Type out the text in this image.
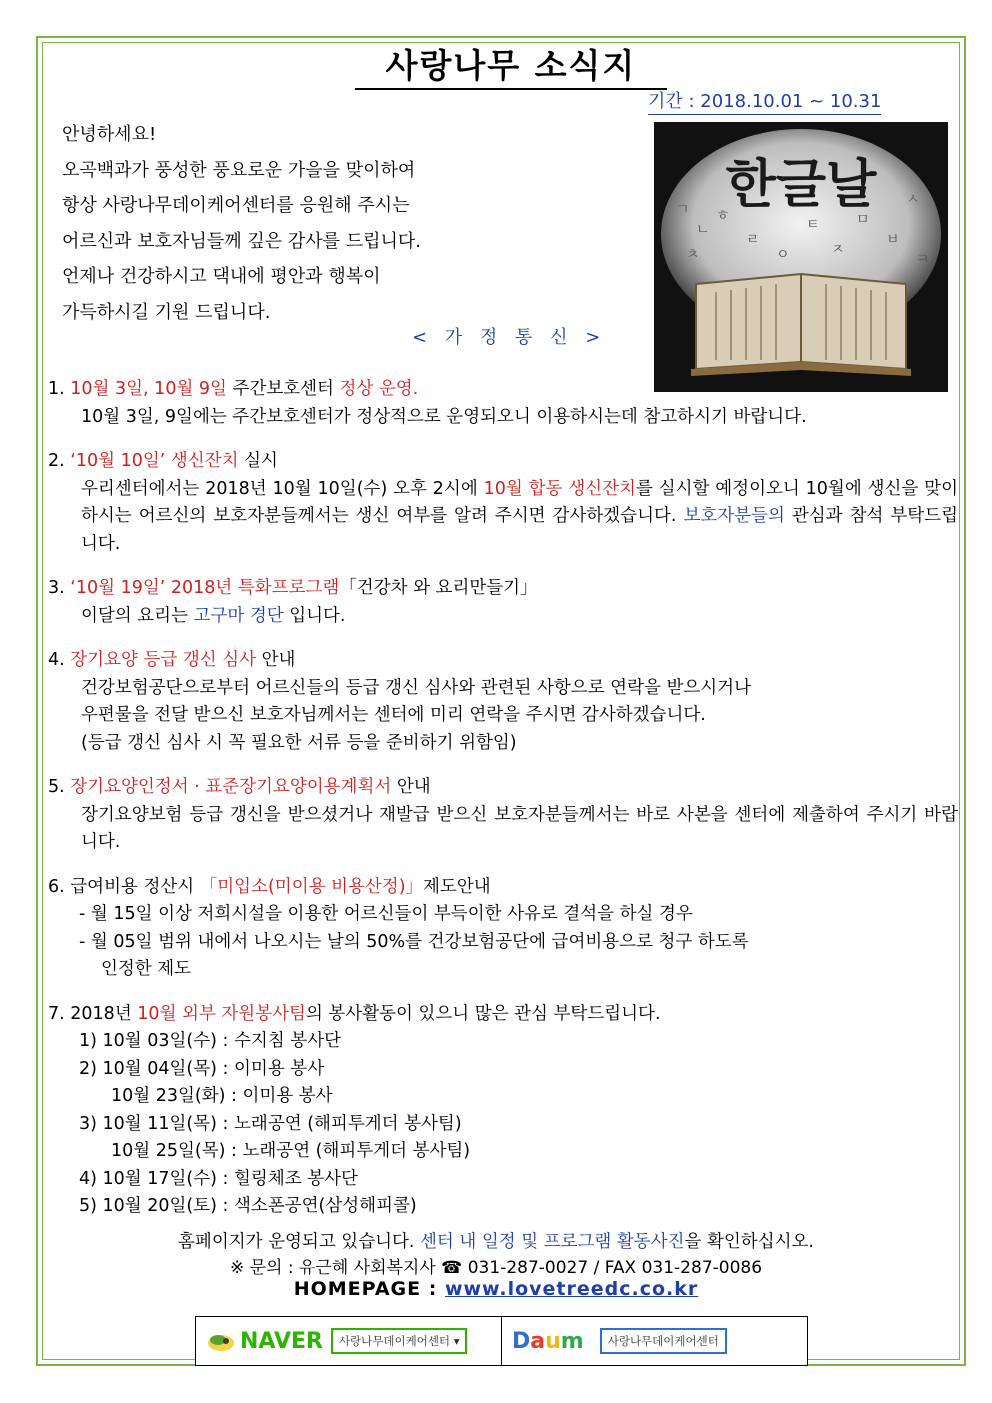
사랑나무 소식지
기간 : 2018.10.01 ~ 10.31
안녕하세요!
오곡백과가 풍성한 풍요로운 가을을 맞이하여
항상 사랑나무데이케어센터를 응원해 주시는
어르신과 보호자님들께 깊은 감사를 드립니다.
언제나 건강하시고 댁내에 평안과 행복이
가득하시길 기원 드립니다.
< 가 정 통 신 >
ㄱ
ㄴ
ㅎ
ㄹ
ㅁ
ㅂ
ㅅ
ㅇ	ㅈ
ㅊ	ㅋ
ㅌ
한글날
1. 10월 3일, 10월 9일 주간보호센터 정상 운영.
10월 3일, 9일에는 주간보호센터가 정상적으로 운영되오니 이용하시는데 참고하시기 바랍니다.
2. ‘10월 10일’ 생신잔치 실시
우리센터에서는 2018년 10월 10일(수) 오후 2시에 10월 합동 생신잔치를 실시할 예정이오니 10월에 생신을 맞이하시는 어르신의 보호자분들께서는 생신 여부를 알려 주시면 감사하겠습니다. 보호자분들의 관심과 참석 부탁드립니다.
3. ‘10월 19일’ 2018년 특화프로그램「건강차 와 요리만들기」
이달의 요리는 고구마 경단 입니다.
4. 장기요양 등급 갱신 심사 안내
건강보험공단으로부터 어르신들의 등급 갱신 심사와 관련된 사항으로 연락을 받으시거나
우편물을 전달 받으신 보호자님께서는 센터에 미리 연락을 주시면 감사하겠습니다.
(등급 갱신 심사 시 꼭 필요한 서류 등을 준비하기 위함임)
5. 장기요양인정서 · 표준장기요양이용계획서 안내
장기요양보험 등급 갱신을 받으셨거나 재발급 받으신 보호자분들께서는 바로 사본을 센터에 제출하여 주시기 바랍니다.
6. 급여비용 정산시 「미입소(미이용 비용산정)」제도안내
- 월 15일 이상 저희시설을 이용한 어르신들이 부득이한 사유로 결석을 하실 경우
- 월 05일 범위 내에서 나오시는 날의 50%를 건강보험공단에 급여비용으로 청구 하도록
인정한 제도
7. 2018년 10월 외부 자원봉사팀의 봉사활동이 있으니 많은 관심 부탁드립니다.
1) 10월 03일(수) : 수지침 봉사단
2) 10월 04일(목) : 이미용 봉사
10월 23일(화) : 이미용 봉사
3) 10월 11일(목) : 노래공연 (해피투게더 봉사팀)
10월 25일(목) : 노래공연 (해피투게더 봉사팀)
4) 10월 17일(수) : 힐링체조 봉사단
5) 10월 20일(토) : 색소폰공연(삼성해피콜)
홈페이지가 운영되고 있습니다. 센터 내 일정 및 프로그램 활동사진을 확인하십시오.
※ 문의 : 유근혜 사회복지사 ☎ 031-287-0027 / FAX 031-287-0086
HOMEPAGE : www.lovetreedc.co.kr
NAVER	사랑나무데이케어센터 ▾	Daum	사랑나무데이케어센터
